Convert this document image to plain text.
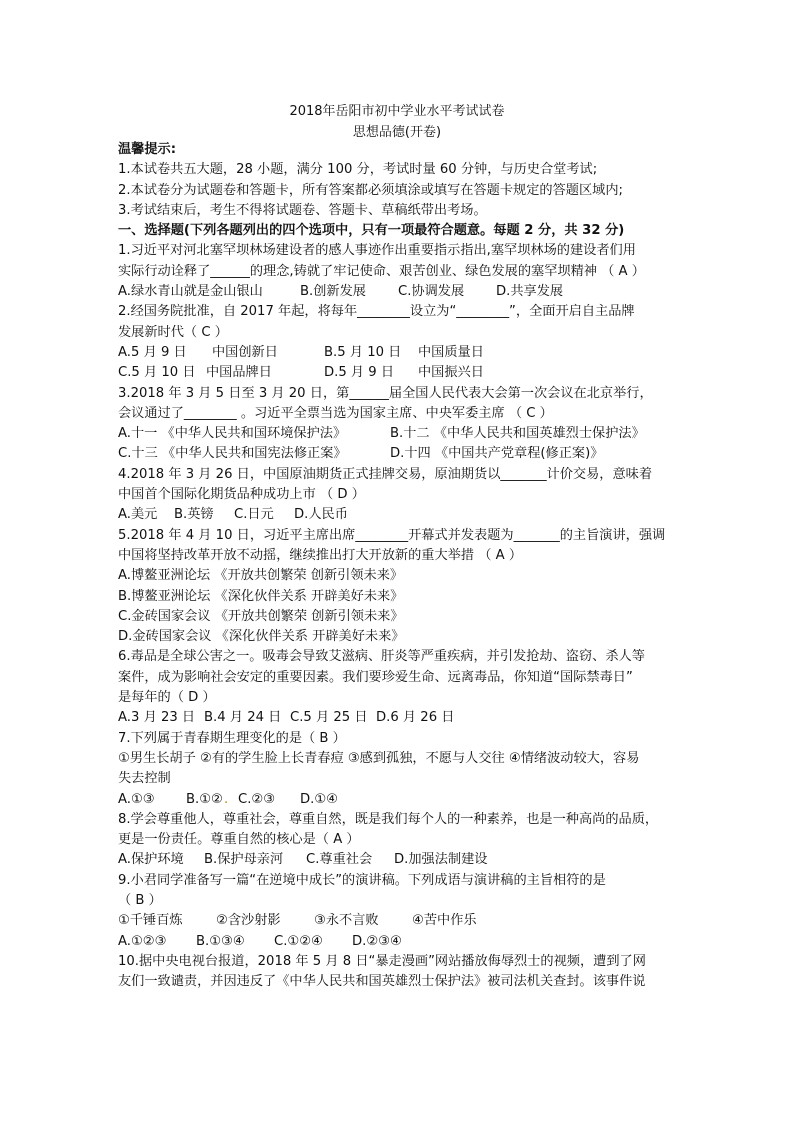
2018年岳阳市初中学业水平考试试卷
思想品德(开卷)
温馨提示:
1.本试卷共五大题，28 小题，满分 100 分，考试时量 60 分钟，与历史合堂考试;
2.本试卷分为试题卷和答题卡，所有答案都必须填涂或填写在答题卡规定的答题区域内;
3.考试结束后，考生不得将试题卷、答题卡、草稿纸带出考场。
一、选择题(下列各题列出的四个选项中，只有一项最符合题意。每题 2 分，共 32 分)
1.习近平对河北塞罕坝林场建设者的感人事迹作出重要指示指出,塞罕坝林场的建设者们用
实际行动诠释了______的理念,铸就了牢记使命、艰苦创业、绿色发展的塞罕坝精神 （ A ）
A.绿水青山就是金山银山	B.创新发展 C.协调发展 D.共享发展
2.经国务院批准，自 2017 年起，将每年________设立为“________”，全面开启自主品牌
发展新时代（ C ）
A.5 月 9 日 中国创新日	B.5 月 10 日 中国质量日
C.5 月 10 日 中国品牌日	D.5 月 9 日 中国振兴日
3.2018 年 3 月 5 日至 3 月 20 日，第______届全国人民代表大会第一次会议在北京举行，
会议通过了________ 。习近平全票当选为国家主席、中央军委主席 （ C ）
A.十一 《中华人民共和国环境保护法》	B.十二 《中华人民共和国英雄烈士保护法》
C.十三 《中华人民共和国宪法修正案》	D.十四 《中国共产党章程(修正案)》
4.2018 年 3 月 26 日，中国原油期货正式挂牌交易，原油期货以_______计价交易，意味着
中国首个国际化期货品种成功上市 （ D ）
A.美元 B.英镑 C.日元 D.人民币
5.2018 年 4 月 10 日，习近平主席出席________开幕式并发表题为_______的主旨演讲，强调
中国将坚持改革开放不动摇，继续推出打大开放新的重大举措 （ A ）
A.博鳌亚洲论坛 《开放共创繁荣 创新引领未来》
B.博鳌亚洲论坛 《深化伙伴关系 开辟美好未来》
C.金砖国家会议 《开放共创繁荣 创新引领未来》
D.金砖国家会议 《深化伙伴关系 开辟美好未来》
6.毒品是全球公害之一。吸毒会导致艾滋病、肝炎等严重疾病，并引发抢劫、盗窃、杀人等
案件，成为影响社会安定的重要因素。我们要珍爱生命、远离毒品，你知道“国际禁毒日”
是每年的（ D ）
A.3 月 23 日 B.4 月 24 日 C.5 月 25 日 D.6 月 26 日
7.下列属于青春期生理变化的是（ B ）
①男生长胡子 ②有的学生脸上长青春痘 ③感到孤独，不愿与人交往 ④情绪波动较大，容易
失去控制
A.①③ B.①②. C.②③ D.①④
8.学会尊重他人，尊重社会，尊重自然，既是我们每个人的一种素养，也是一种高尚的品质，
更是一份责任。尊重自然的核心是（ A ）
A.保护环境 B.保护母亲河 C.尊重社会 D.加强法制建设
9.小君同学准备写一篇“在逆境中成长”的演讲稿。下列成语与演讲稿的主旨相符的是
（ B ）
①千锤百炼	②含沙射影	③永不言败	④苦中作乐
A.①②③ B.①③④ C.①②④ D.②③④
10.据中央电视台报道，2018 年 5 月 8 日“暴走漫画”网站播放侮辱烈士的视频，遭到了网
友们一致谴责，并因违反了《中华人民共和国英雄烈士保护法》被司法机关查封。该事件说
